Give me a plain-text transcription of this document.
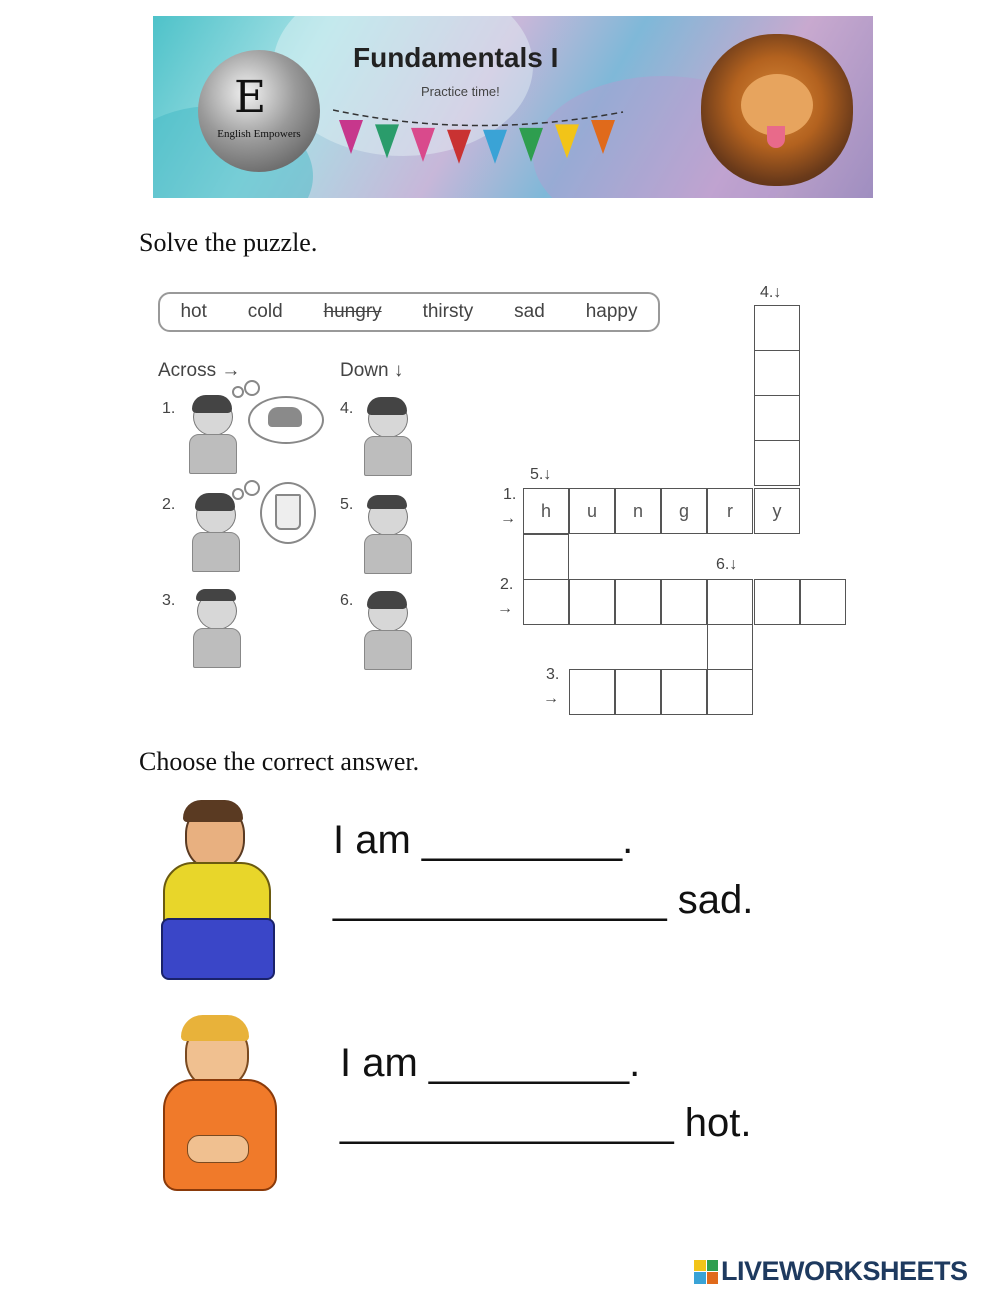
E
English Empowers
Fundamentals I
Practice time!
Solve the puzzle.
hot cold hungry thirsty sad happy
Across →	Down ↓
1.
2.
3.
4.
5.
6.
4.↓
5.↓
6.↓
1.
→
2.
→
3.
→
h	u	n	g	r	y
Choose the correct answer.
I am _________.
_______________ sad.
I am _________.
_______________ hot.
LIVEWORKSHEETS
